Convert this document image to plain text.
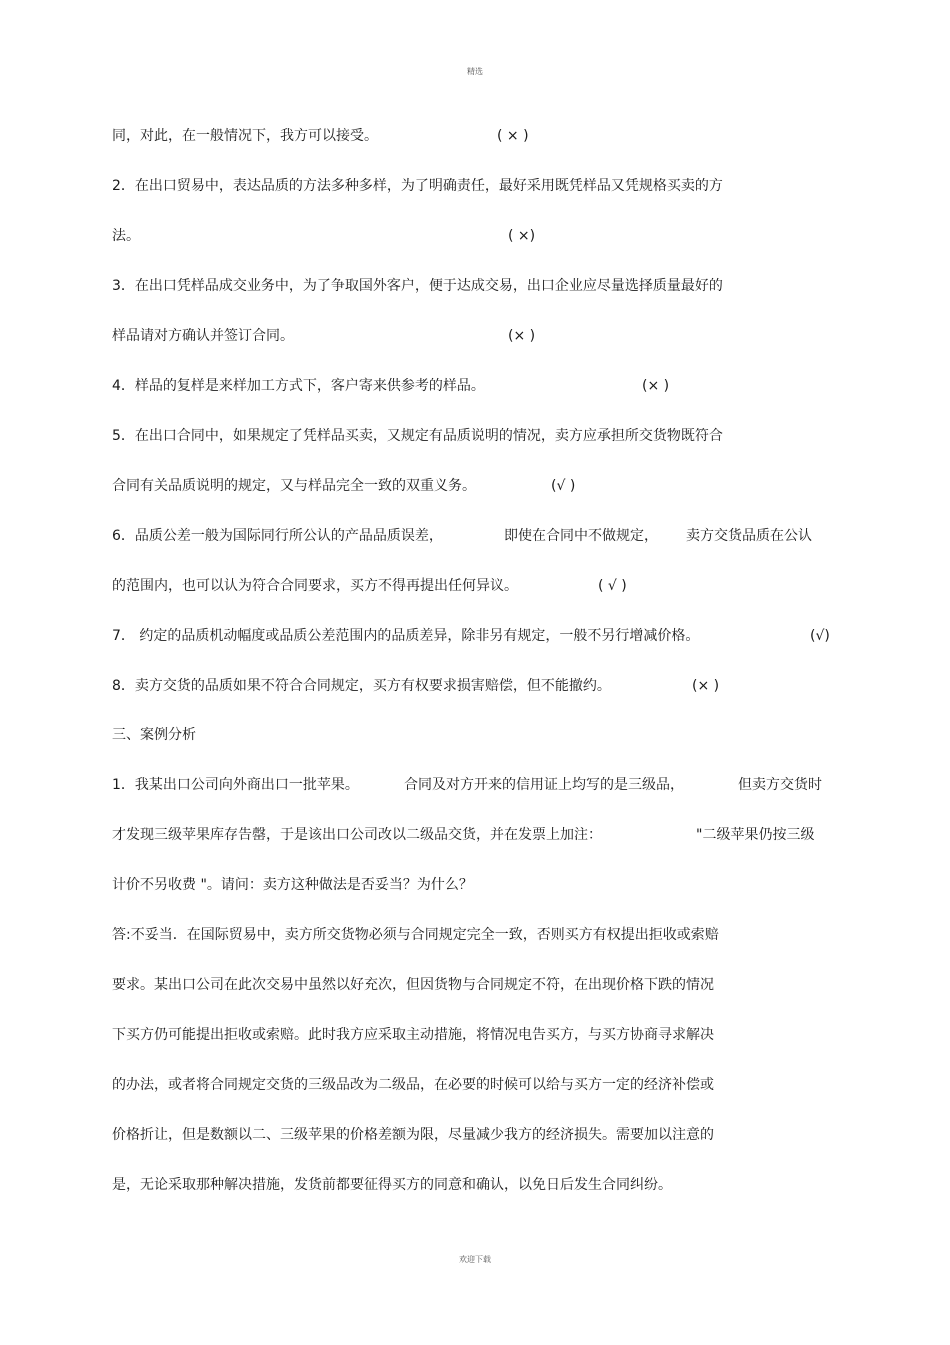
精选
同，对此，在一般情况下，我方可以接受。	( × )
2．在出口贸易中，表达品质的方法多种多样，为了明确责任，最好采用既凭样品又凭规格买卖的方
法。	( ×)
3．在出口凭样品成交业务中，为了争取国外客户，便于达成交易，出口企业应尽量选择质量最好的
样品请对方确认并签订合同。	(× )
4．样品的复样是来样加工方式下，客户寄来供参考的样品。	(× )
5．在出口合同中，如果规定了凭样品买卖，又规定有品质说明的情况，卖方应承担所交货物既符合
合同有关品质说明的规定，又与样品完全一致的双重义务。	(√ )
6．品质公差一般为国际同行所公认的产品品质误差，	即使在合同中不做规定， 卖方交货品质在公认
的范围内，也可以认为符合合同要求，买方不得再提出任何异议。	( √ )
7． 约定的品质机动幅度或品质公差范围内的品质差异，除非另有规定，一般不另行增减价格。	(√)
8．卖方交货的品质如果不符合合同规定，买方有权要求损害赔偿，但不能撤约。	(× )
三、案例分析
1．我某出口公司向外商出口一批苹果。	合同及对方开来的信用证上均写的是三级品，	但卖方交货时
才发现三级苹果库存告罄，于是该出口公司改以二级品交货，并在发票上加注：	"二级苹果仍按三级
计价不另收费 "。请问：卖方这种做法是否妥当？为什么？
答:不妥当．在国际贸易中，卖方所交货物必须与合同规定完全一致，否则买方有权提出拒收或索赔
要求。某出口公司在此次交易中虽然以好充次，但因货物与合同规定不符，在出现价格下跌的情况
下买方仍可能提出拒收或索赔。此时我方应采取主动措施，将情况电告买方，与买方协商寻求解决
的办法，或者将合同规定交货的三级品改为二级品，在必要的时候可以给与买方一定的经济补偿或
价格折让，但是数额以二、三级苹果的价格差额为限，尽量减少我方的经济损失。需要加以注意的
是，无论采取那种解决措施，发货前都要征得买方的同意和确认，以免日后发生合同纠纷。
欢迎下载
